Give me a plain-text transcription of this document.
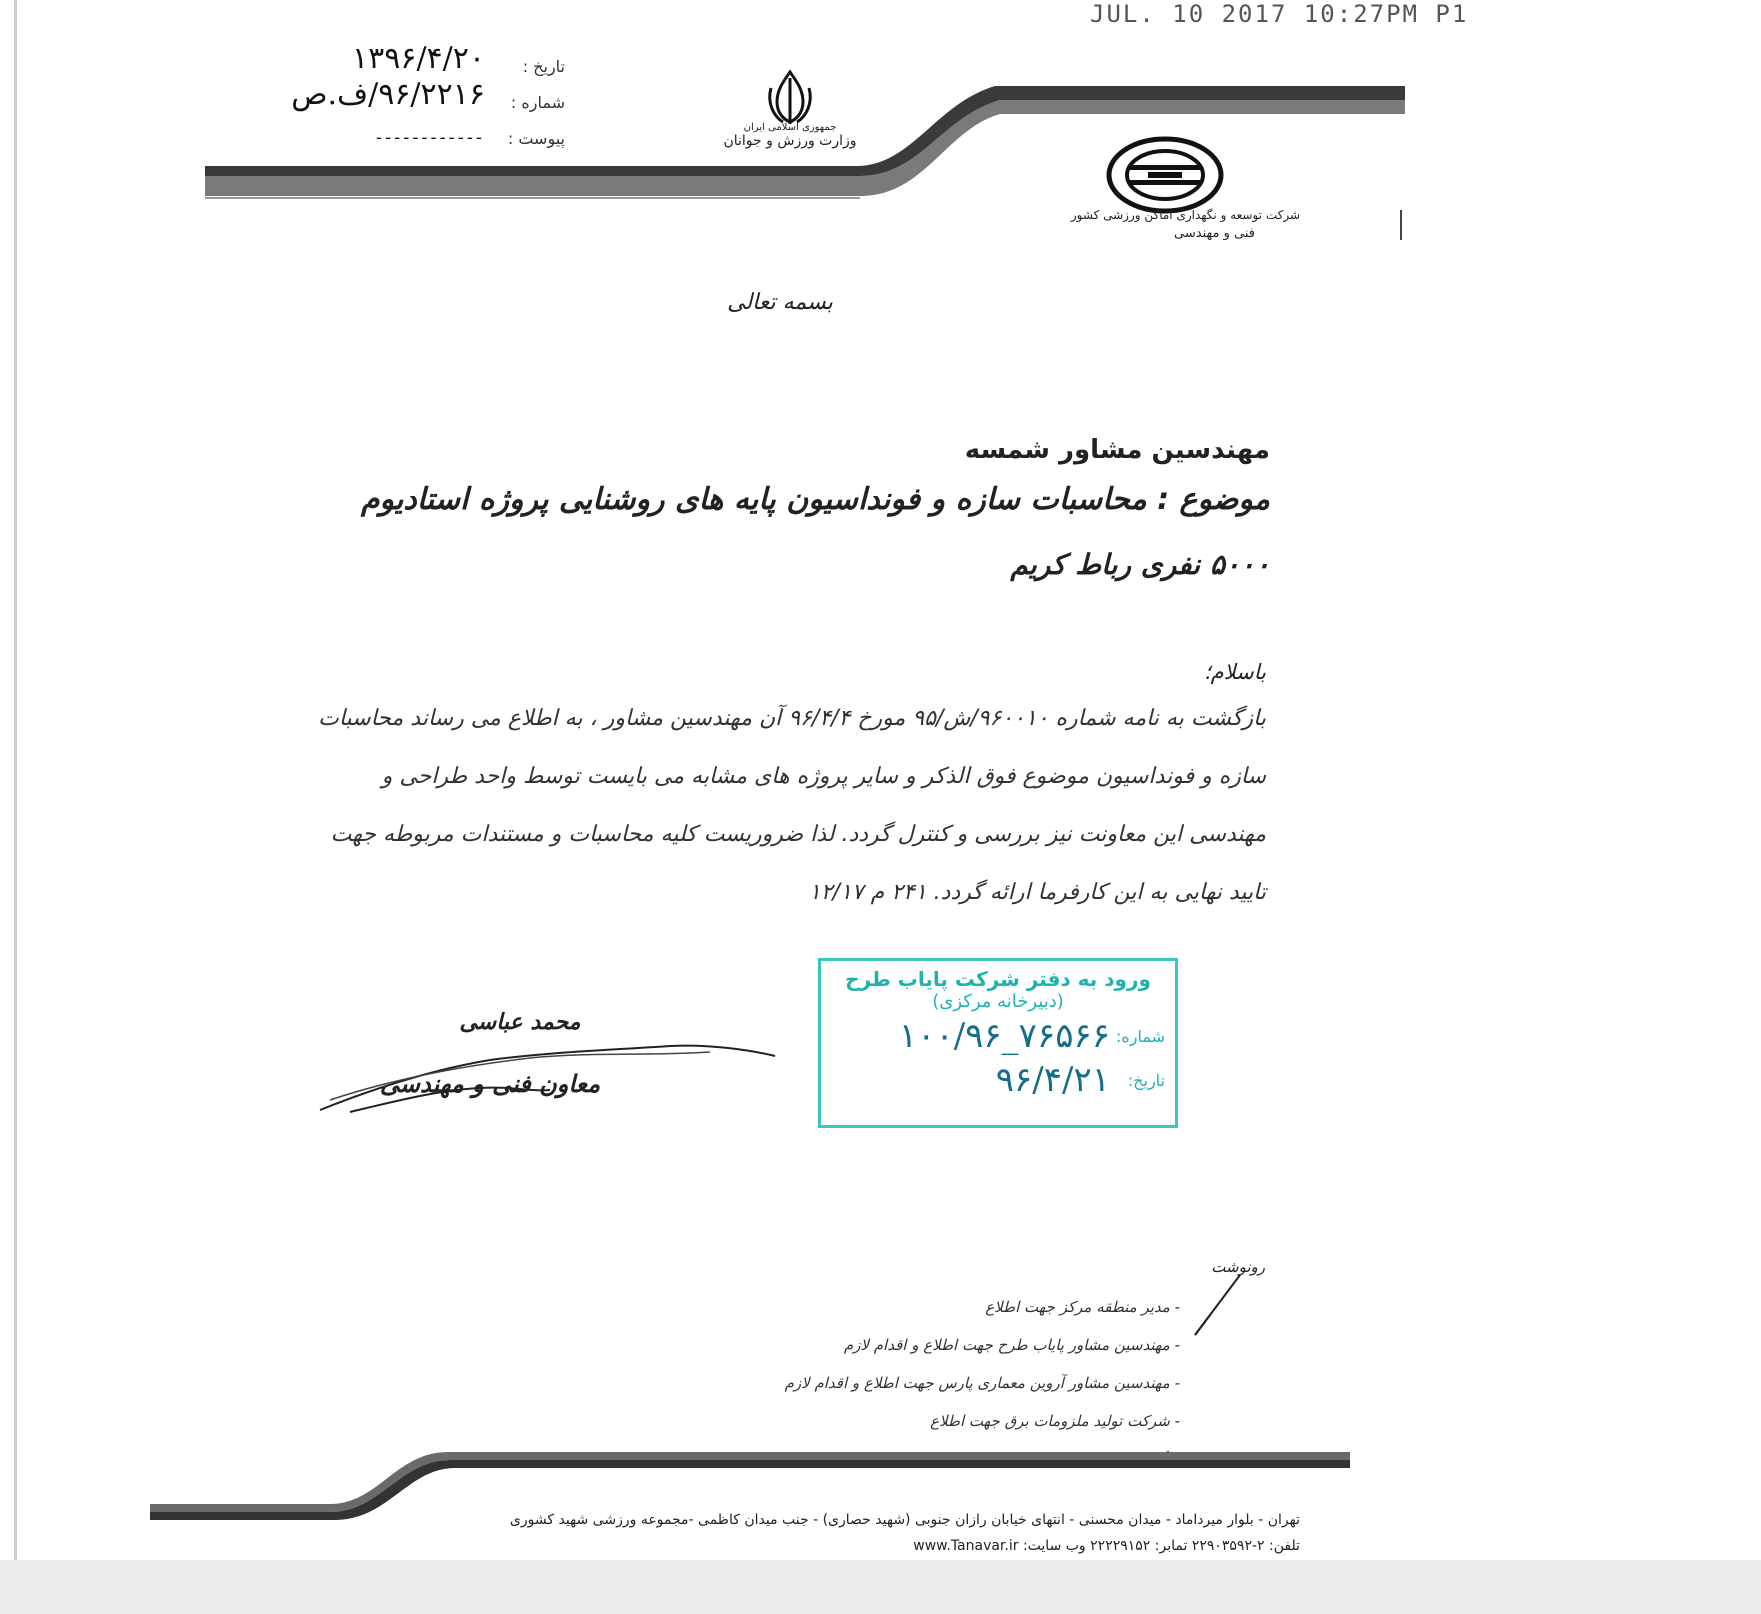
JUL. 10 2017 10:27PM P1
تاریخ :
۱۳۹۶/۴/۲۰
شماره :
۹۶/۲۲۱۶/ف.ص
پیوست :
------------	جمهوری اسلامی ایران
وزارت ورزش و جوانان
شرکت توسعه و نگهداری اماکن ورزشی کشور
فنی و مهندسی
بسمه تعالی
مهندسین مشاور شمسه
موضوع : محاسبات سازه و فونداسیون پایه های روشنایی پروژه استادیوم
۵۰۰۰ نفری رباط کریم
باسلام؛
بازگشت به نامه شماره ۹۶۰۰۱۰/ش/۹۵ مورخ ۹۶/۴/۴ آن مهندسین مشاور ، به اطلاع می رساند محاسبات سازه و فونداسیون موضوع فوق الذکر و سایر پروژه های مشابه می بایست توسط واحد طراحی و مهندسی این معاونت نیز بررسی و کنترل گردد. لذا ضروریست کلیه محاسبات و مستندات مربوطه جهت تایید نهایی به این کارفرما ارائه گردد. ۲۴۱ م ۱۲/۱۷
ورود به دفتر شرکت پایاب طرح
(دبیرخانه مرکزی)
شماره:
۱۰۰/۹۶_۷۶۵۶۶
تاریخ:
۹۶/۴/۲۱
محمد عباسی
معاون فنی و مهندسی
رونوشت
- مدیر منطقه مرکز جهت اطلاع
- مهندسین مشاور پایاب طرح جهت اطلاع و اقدام لازم
- مهندسین مشاور آروین معماری پارس جهت اطلاع و اقدام لازم
- شرکت تولید ملزومات برق جهت اطلاع
تهران - بلوار میرداماد - میدان محسنی - انتهای خیابان رازان جنوبی (شهید حصاری) - جنب میدان کاظمی -مجموعه ورزشی شهید کشوری
تلفن: ۲-۲۲۹۰۳۵۹۲ تمابر: ۲۲۲۲۹۱۵۲ وب سایت: www.Tanavar.ir
